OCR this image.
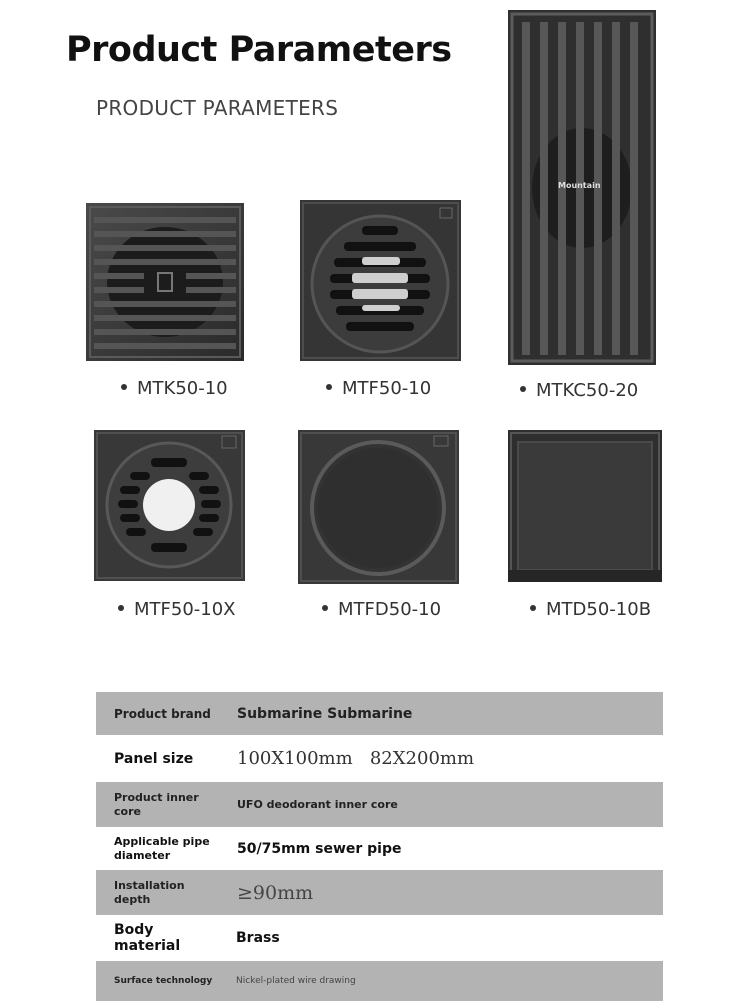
Product Parameters
PRODUCT PARAMETERS
MTK50-10	MTF50-10
Mountain
MTKC50-20
MTF50-10X	MTFD50-10	MTD50-10B
Product brand	Submarine Submarine
Panel size	100X100mm   82X200mm
Product inner core	UFO deodorant inner core
Applicable pipe diameter	50/75mm sewer pipe
Installation depth	≥90mm
Body material	Brass
Surface technology	Nickel-plated wire drawing
